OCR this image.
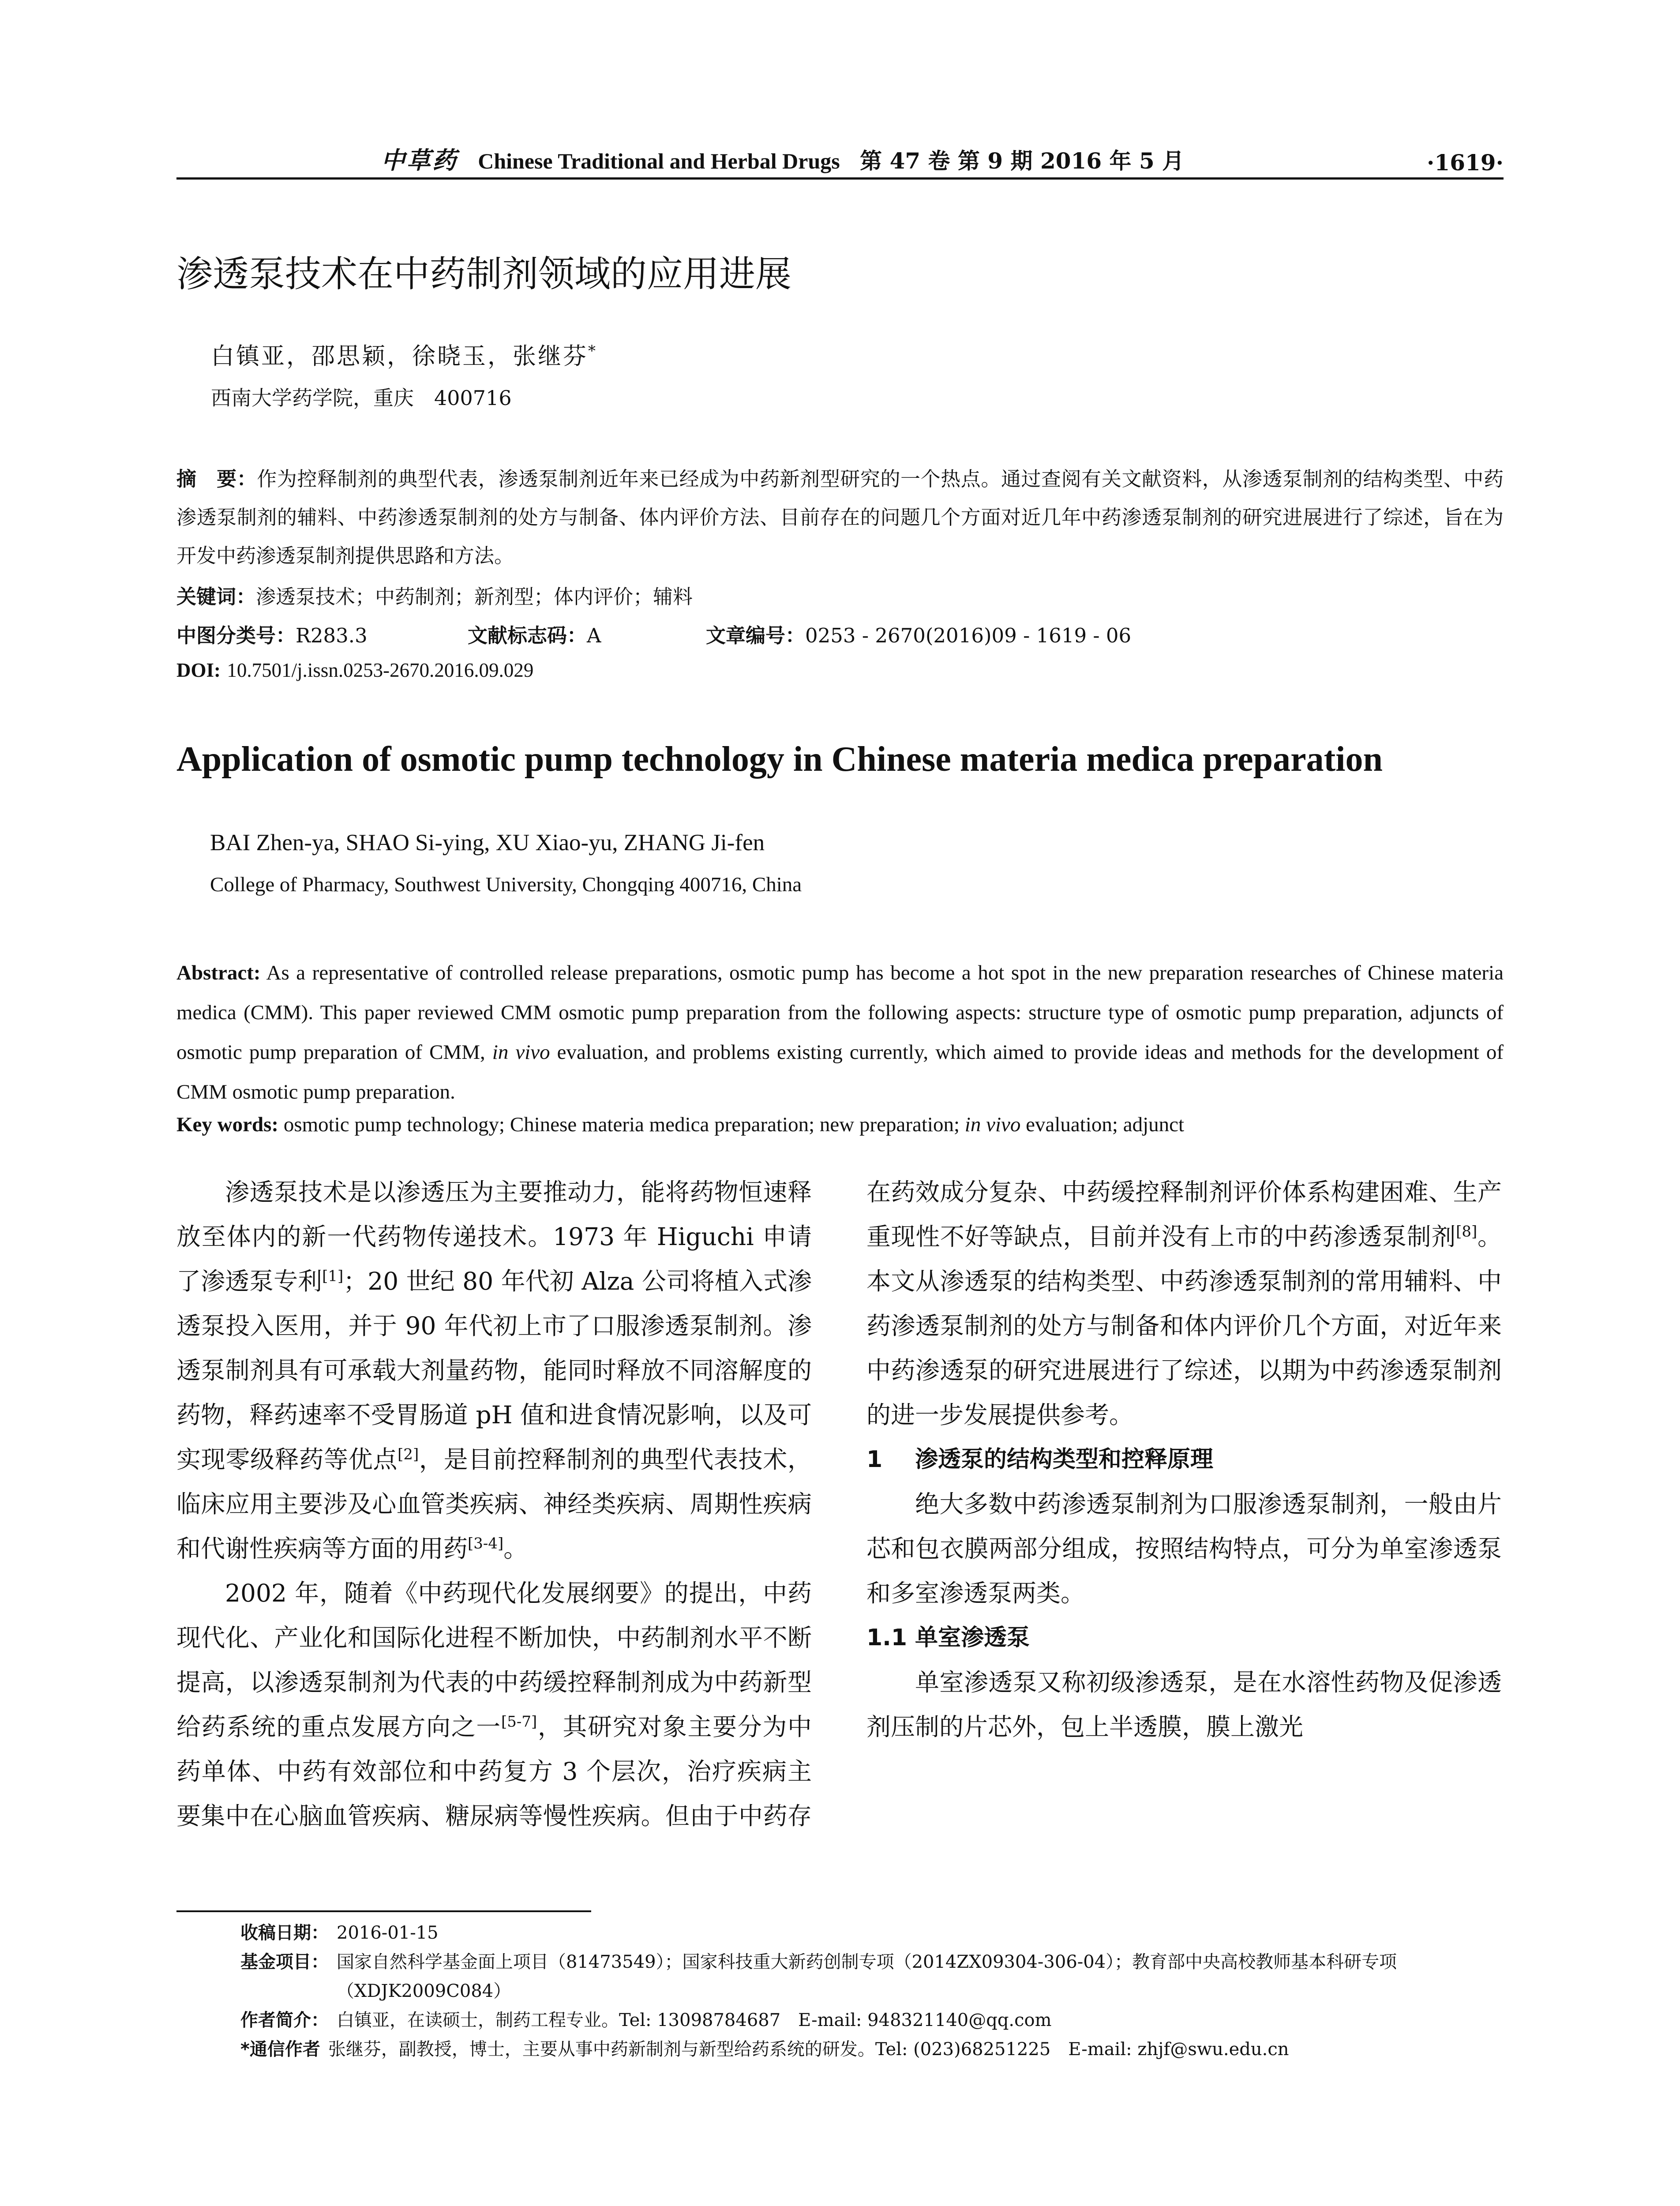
中草药 Chinese Traditional and Herbal Drugs 第 47 卷 第 9 期 2016 年 5 月	·1619·
渗透泵技术在中药制剂领域的应用进展
白镇亚，邵思颖，徐晓玉，张继芬*
西南大学药学院，重庆　400716
摘　要：作为控释制剂的典型代表，渗透泵制剂近年来已经成为中药新剂型研究的一个热点。通过查阅有关文献资料，从渗透泵制剂的结构类型、中药渗透泵制剂的辅料、中药渗透泵制剂的处方与制备、体内评价方法、目前存在的问题几个方面对近几年中药渗透泵制剂的研究进展进行了综述，旨在为开发中药渗透泵制剂提供思路和方法。
关键词：渗透泵技术；中药制剂；新剂型；体内评价；辅料
中图分类号：R283.3	文献标志码：A	文章编号：0253 - 2670(2016)09 - 1619 - 06
DOI: 10.7501/j.issn.0253-2670.2016.09.029
Application of osmotic pump technology in Chinese materia medica preparation
BAI Zhen-ya, SHAO Si-ying, XU Xiao-yu, ZHANG Ji-fen
College of Pharmacy, Southwest University, Chongqing 400716, China
Abstract: As a representative of controlled release preparations, osmotic pump has become a hot spot in the new preparation researches of Chinese materia medica (CMM). This paper reviewed CMM osmotic pump preparation from the following aspects: structure type of osmotic pump preparation, adjuncts of osmotic pump preparation of CMM, in vivo evaluation, and problems existing currently, which aimed to provide ideas and methods for the development of CMM osmotic pump preparation.
Key words: osmotic pump technology; Chinese materia medica preparation; new preparation; in vivo evaluation; adjunct
收稿日期： 2016-01-15
基金项目： 国家自然科学基金面上项目（81473549）；国家科技重大新药创制专项（2014ZX09304-306-04）；教育部中央高校教师基本科研专项（XDJK2009C084）
作者简介： 白镇亚，在读硕士，制药工程专业。Tel: 13098784687　E-mail: 948321140@qq.com
*通信作者 张继芬，副教授，博士，主要从事中药新制剂与新型给药系统的研发。Tel: (023)68251225　E-mail: zhjf@swu.edu.cn

渗透泵技术是以渗透压为主要推动力，能将药物恒速释放至体内的新一代药物传递技术。1973 年 Higuchi 申请了渗透泵专利[1]；20 世纪 80 年代初 Alza 公司将植入式渗透泵投入医用，并于 90 年代初上市了口服渗透泵制剂。渗透泵制剂具有可承载大剂量药物，能同时释放不同溶解度的药物，释药速率不受胃肠道 pH 值和进食情况影响，以及可实现零级释药等优点[2]，是目前控释制剂的典型代表技术，临床应用主要涉及心血管类疾病、神经类疾病、周期性疾病和代谢性疾病等方面的用药[3-4]。

2002 年，随着《中药现代化发展纲要》的提出，中药现代化、产业化和国际化进程不断加快，中药制剂水平不断提高，以渗透泵制剂为代表的中药缓控释制剂成为中药新型给药系统的重点发展方向之一[5-7]，其研究对象主要分为中药单体、中药有效部位和中药复方 3 个层次，治疗疾病主要集中在心脑血管疾病、糖尿病等慢性疾病。但由于中药存在药效成分复杂、中药缓控释制剂评价体系构建困难、生产重现性不好等缺点，目前并没有上市的中药渗透泵制剂[8]。本文从渗透泵的结构类型、中药渗透泵制剂的常用辅料、中药渗透泵制剂的处方与制备和体内评价几个方面，对近年来中药渗透泵的研究进展进行了综述，以期为中药渗透泵制剂的进一步发展提供参考。

1 渗透泵的结构类型和控释原理

绝大多数中药渗透泵制剂为口服渗透泵制剂，一般由片芯和包衣膜两部分组成，按照结构特点，可分为单室渗透泵和多室渗透泵两类。

1.1 单室渗透泵

单室渗透泵又称初级渗透泵，是在水溶性药物及促渗透剂压制的片芯外，包上半透膜，膜上激光
